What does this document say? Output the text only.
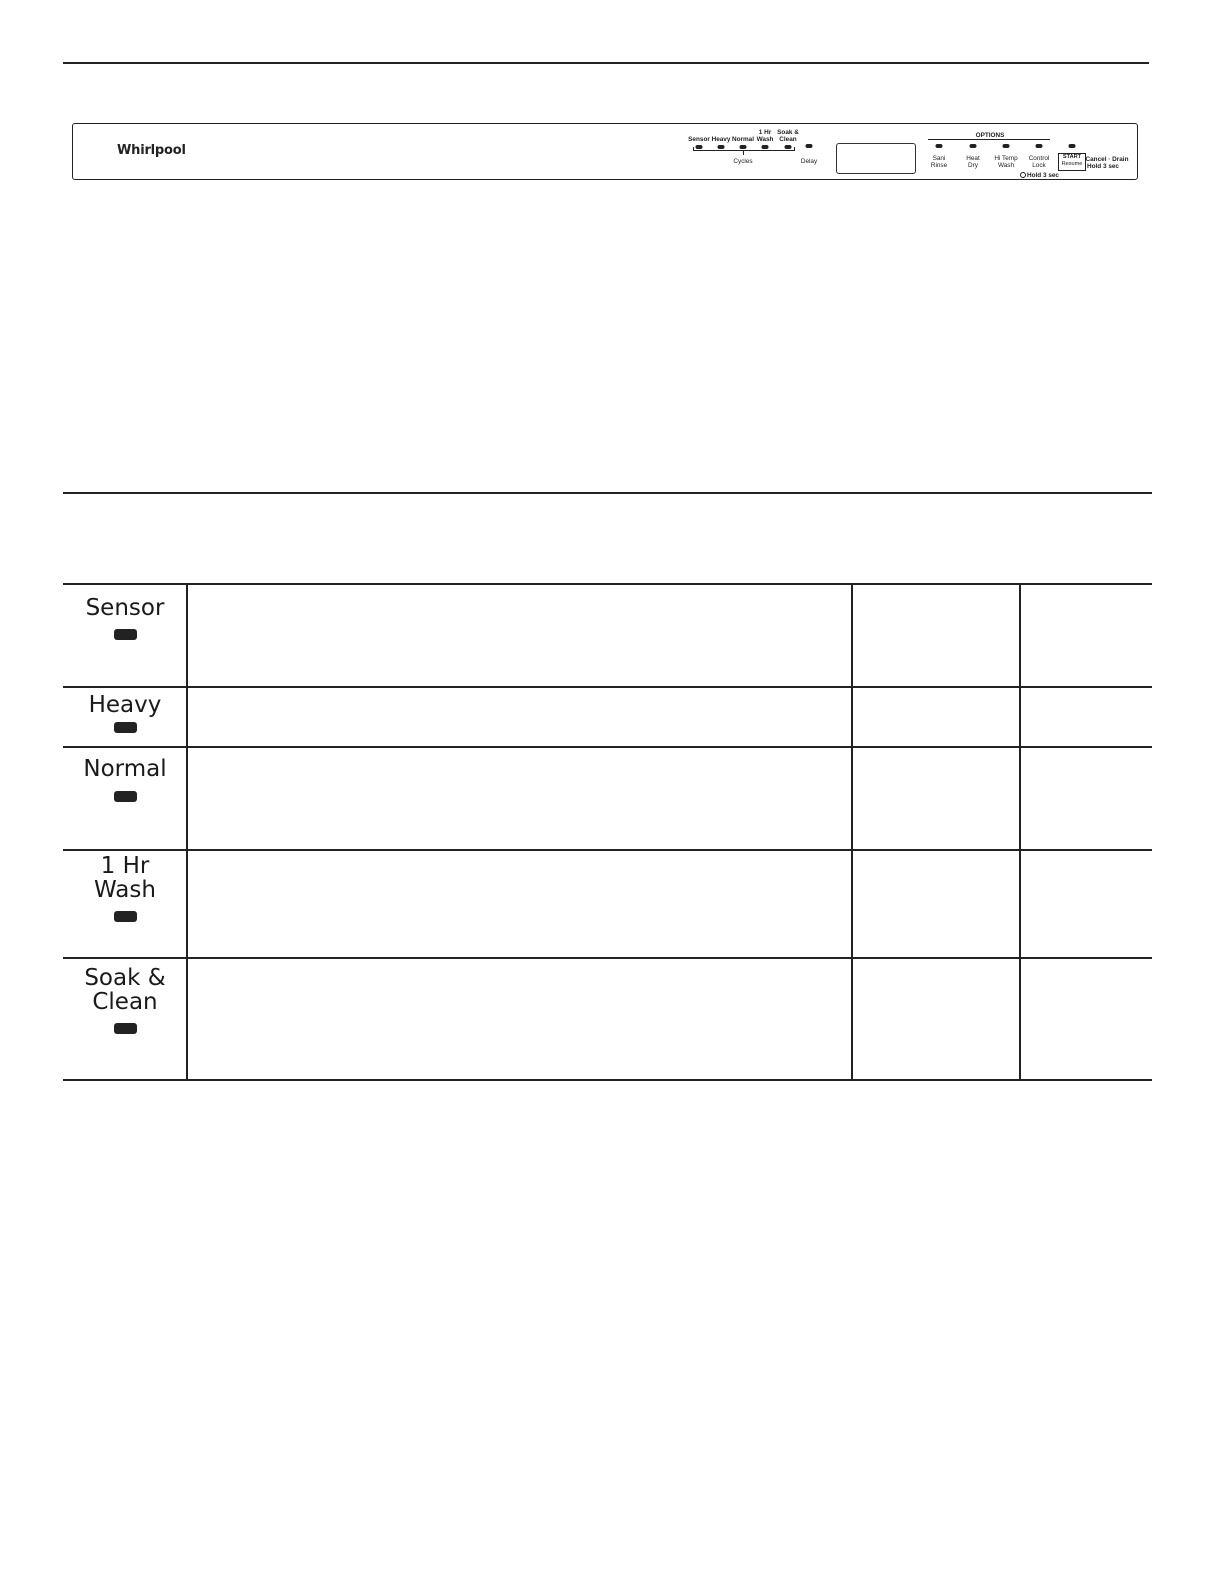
Whirlpool
Sensor Heavy Normal
1 Hr
Wash
Soak &
Clean
Cycles	Delay
OPTIONS
Sani
Rinse
Heat
Dry
Hi Temp
Wash
Control
Lock
Hold 3 sec
START
Resume
Cancel · Drain
Hold 3 sec
Sensor
Heavy
Normal
1 Hr
Wash
Soak &
Clean
